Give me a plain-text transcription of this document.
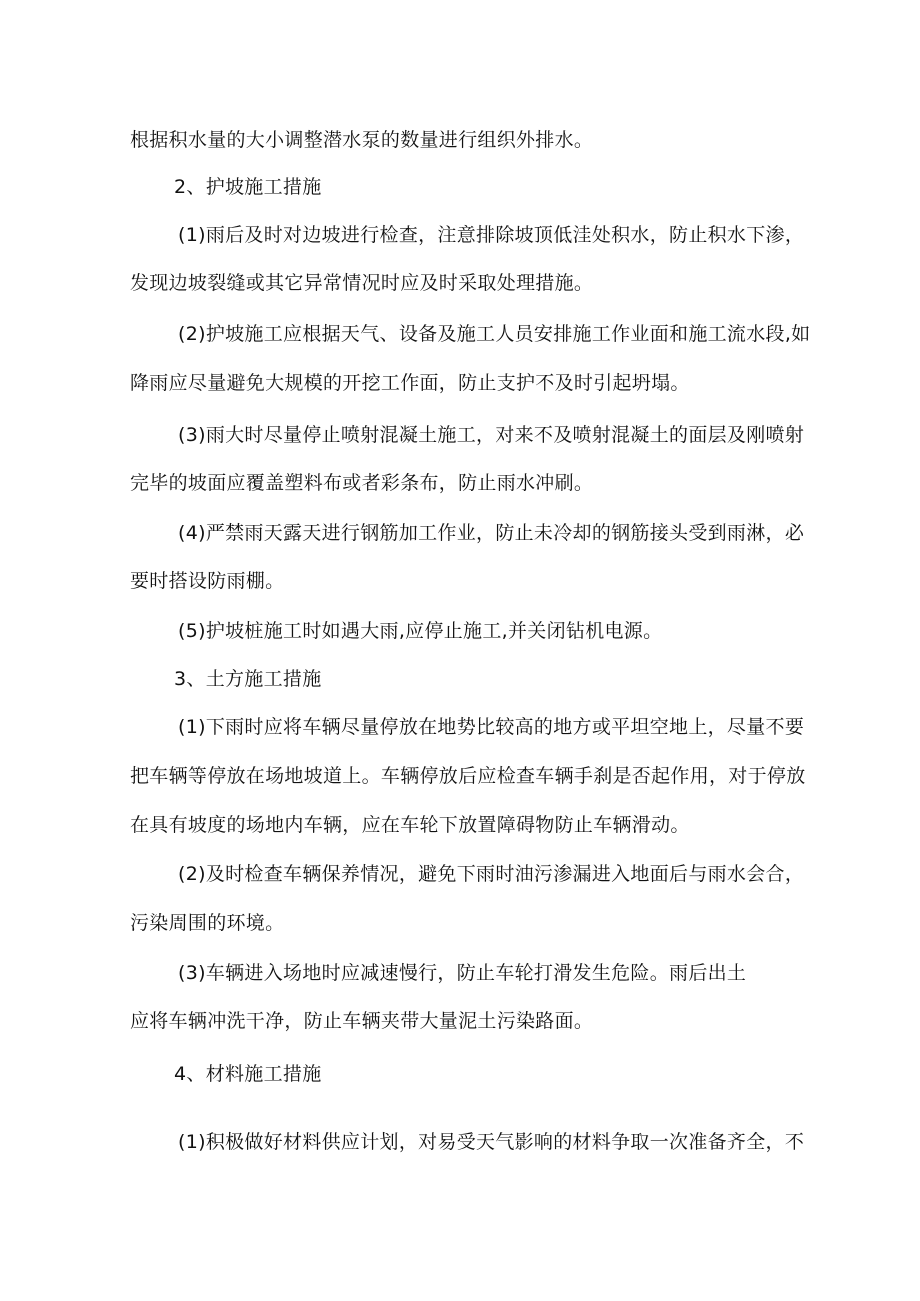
根据积水量的大小调整潜水泵的数量进行组织外排水。
2、护坡施工措施
(1)雨后及时对边坡进行检查，注意排除坡顶低洼处积水，防止积水下渗，
发现边坡裂缝或其它异常情况时应及时采取处理措施。
(2)护坡施工应根据天气、设备及施工人员安排施工作业面和施工流水段,如
降雨应尽量避免大规模的开挖工作面，防止支护不及时引起坍塌。
(3)雨大时尽量停止喷射混凝土施工，对来不及喷射混凝土的面层及刚喷射
完毕的坡面应覆盖塑料布或者彩条布，防止雨水冲刷。
(4)严禁雨天露天进行钢筋加工作业，防止未冷却的钢筋接头受到雨淋，必
要时搭设防雨棚。
(5)护坡桩施工时如遇大雨,应停止施工,并关闭钻机电源。
3、土方施工措施
(1)下雨时应将车辆尽量停放在地势比较高的地方或平坦空地上，尽量不要
把车辆等停放在场地坡道上。车辆停放后应检查车辆手刹是否起作用，对于停放
在具有坡度的场地内车辆，应在车轮下放置障碍物防止车辆滑动。
(2)及时检查车辆保养情况，避免下雨时油污渗漏进入地面后与雨水会合，
污染周围的环境。
(3)车辆进入场地时应减速慢行，防止车轮打滑发生危险。雨后出土
应将车辆冲洗干净，防止车辆夹带大量泥土污染路面。
4、材料施工措施
(1)积极做好材料供应计划，对易受天气影响的材料争取一次准备齐全，不
